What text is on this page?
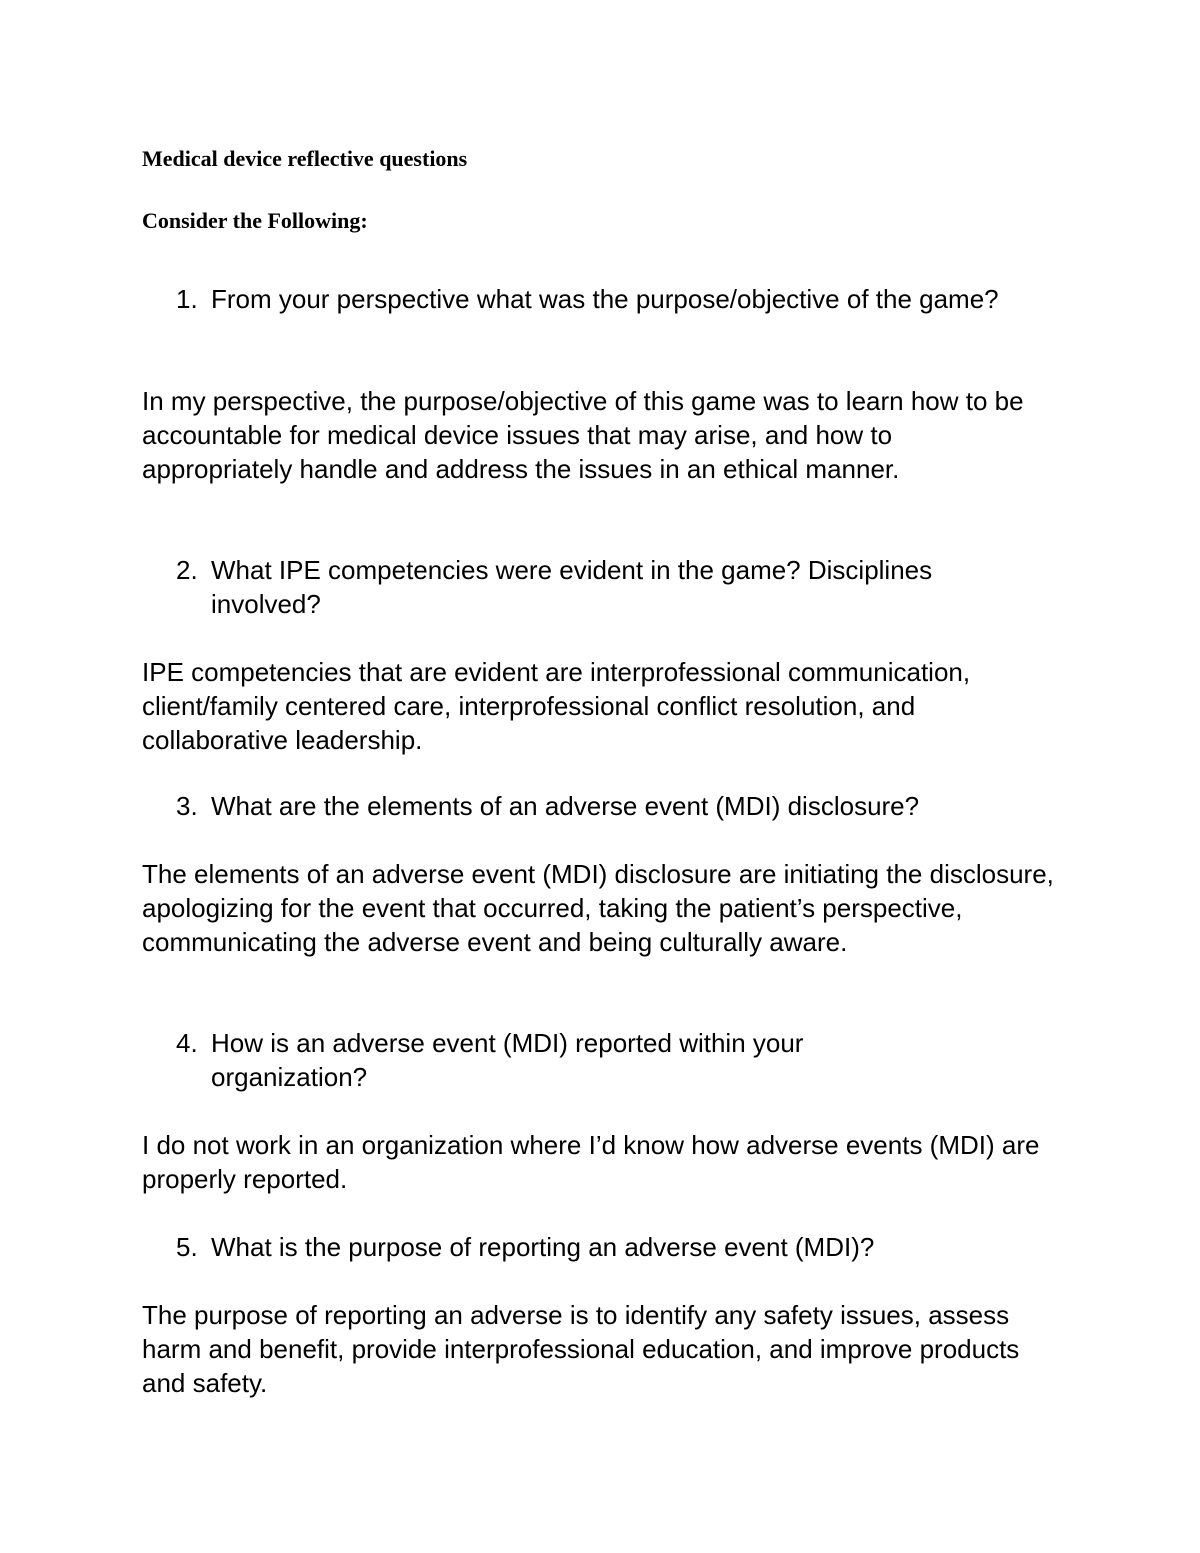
Medical device reflective questions
Consider the Following:
1. From your perspective what was the purpose/objective of the game?
In my perspective, the purpose/objective of this game was to learn how to be accountable for medical device issues that may arise, and how to appropriately handle and address the issues in an ethical manner.
2. What IPE competencies were evident in the game? Disciplines involved?
IPE competencies that are evident are interprofessional communication, client/family centered care, interprofessional conflict resolution, and collaborative leadership.
3. What are the elements of an adverse event (MDI) disclosure?
The elements of an adverse event (MDI) disclosure are initiating the disclosure, apologizing for the event that occurred, taking the patient’s perspective, communicating the adverse event and being culturally aware.
4. How is an adverse event (MDI) reported within your organization?
I do not work in an organization where I’d know how adverse events (MDI) are properly reported.
5. What is the purpose of reporting an adverse event (MDI)?
The purpose of reporting an adverse is to identify any safety issues, assess harm and benefit, provide interprofessional education, and improve products and safety.
